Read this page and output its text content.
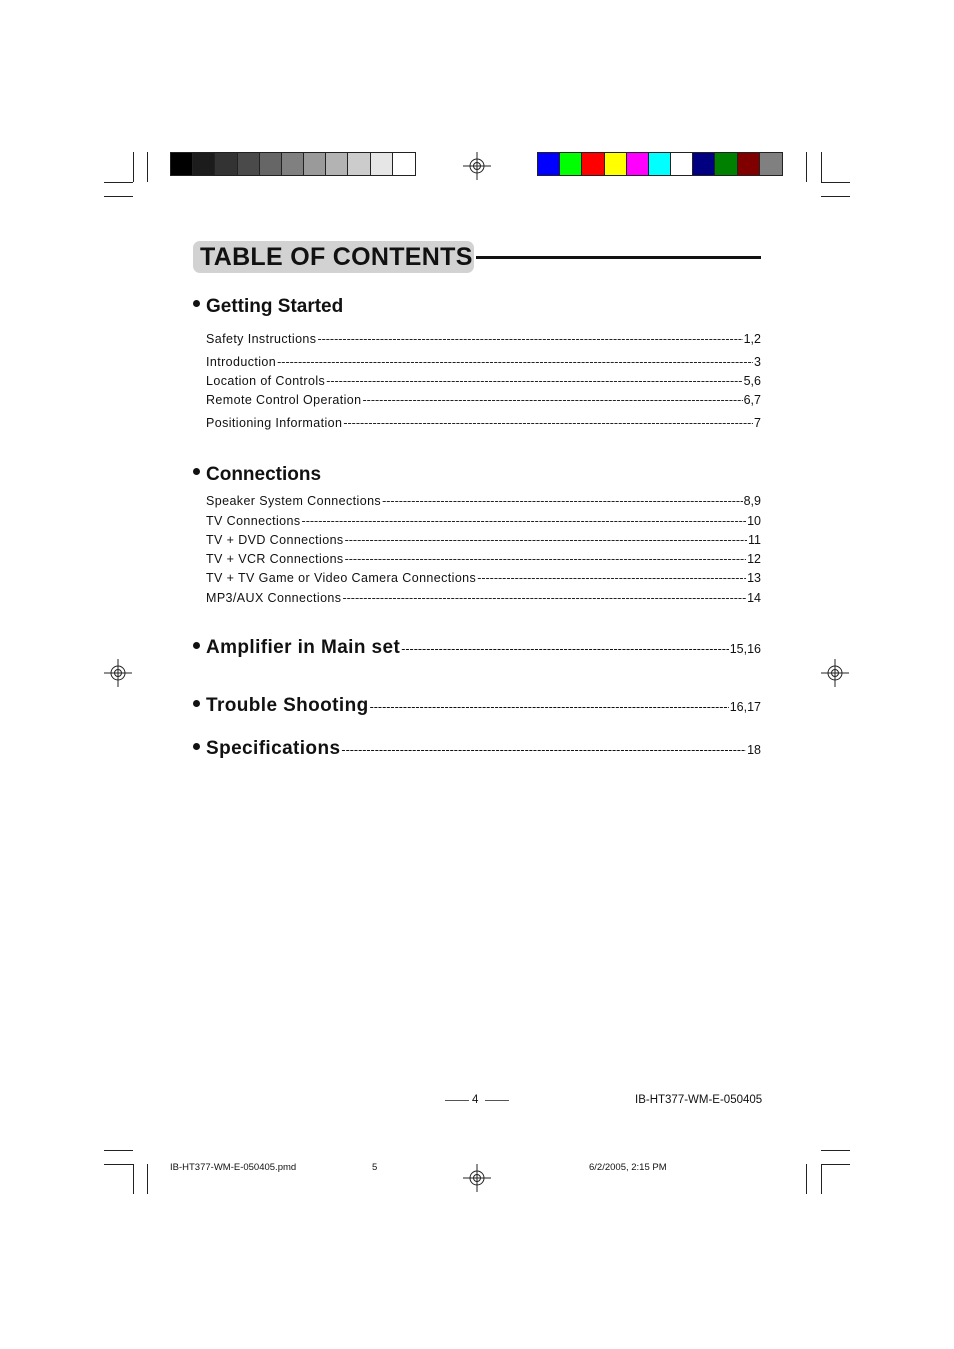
TABLE OF CONTENTS
Getting Started
Safety Instructions -----	1,2
Introduction -----	3
Location of Controls -----	5,6
Remote Control Operation -----	6,7
Positioning Information -----	7
Connections
Speaker System Connections -----	8,9
TV Connections -----	10
TV + DVD Connections -----	11
TV + VCR Connections -----	12
TV + TV Game or Video Camera Connections -----	13
MP3/AUX Connections -----	14
Amplifier in Main set -----	15,16
Trouble Shooting -----	16,17
Specifications -----	18
4	IB-HT377-WM-E-050405
IB-HT377-WM-E-050405.pmd	5	6/2/2005, 2:15 PM
